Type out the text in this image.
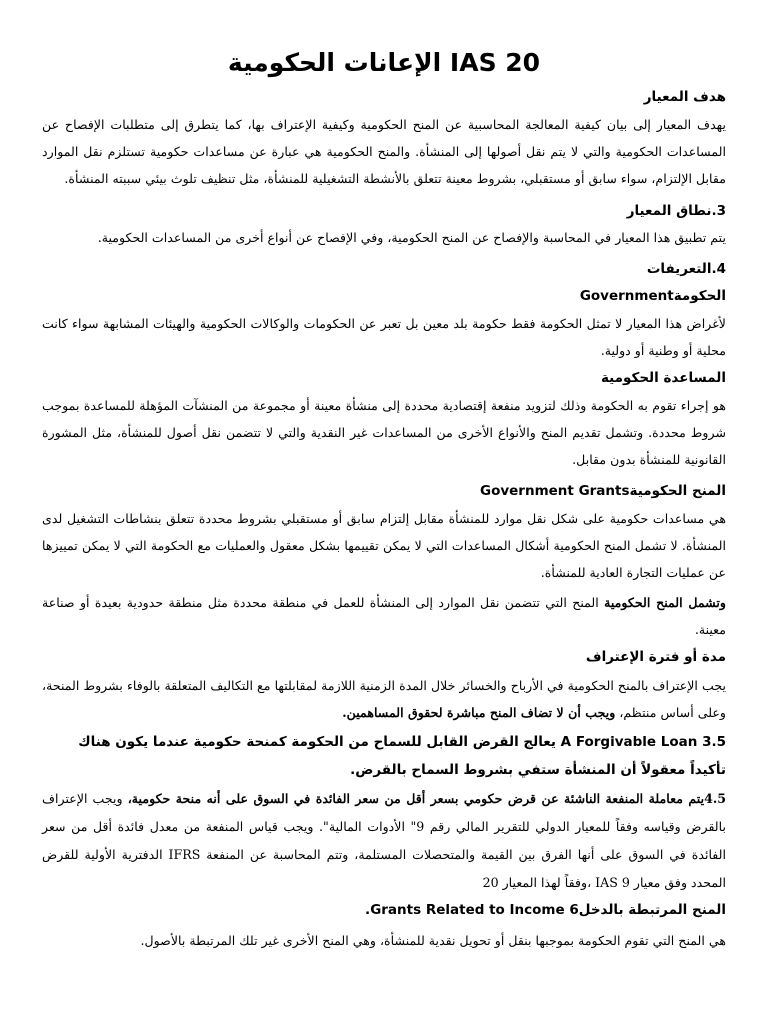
IAS 20 الإعانات الحكومية
هدف المعيار
يهدف المعيار إلى بيان كيفية المعالجة المحاسبية عن المنح الحكومية وكيفية الإعتراف بها، كما يتطرق إلى متطلبات الإفصاح عن المساعدات الحكومية والتي لا يتم نقل أصولها إلى المنشأة. والمنح الحكومية هي عبارة عن مساعدات حكومية تستلزم نقل الموارد مقابل الإلتزام، سواء سابق أو مستقبلي، بشروط معينة تتعلق بالأنشطة التشغيلية للمنشأة، مثل تنظيف تلوث بيئي سببته المنشأة.
3.نطاق المعيار
يتم تطبيق هذا المعيار في المحاسبة والإفصاح عن المنح الحكومية، وفي الإفصاح عن أنواع أخرى من المساعدات الحكومية.
4.التعريفات
الحكومةGovernment
لأغراض هذا المعيار لا تمثل الحكومة فقط حكومة بلد معين بل تعبر عن الحكومات والوكالات الحكومية والهيئات المشابهة سواء كانت محلية أو وطنية أو دولية.
المساعدة الحكومية
هو إجراء تقوم به الحكومة وذلك لتزويد منفعة إقتصادية محددة إلى منشأة معينة أو مجموعة من المنشآت المؤهلة للمساعدة بموجب شروط محددة. وتشمل تقديم المنح والأنواع الأخرى من المساعدات غير النقدية والتي لا تتضمن نقل أصول للمنشأة، مثل المشورة القانونية للمنشأة بدون مقابل.
المنح الحكوميةGovernment Grants
هي مساعدات حكومية على شكل نقل موارد للمنشأة مقابل إلتزام سابق أو مستقبلي بشروط محددة تتعلق بنشاطات التشغيل لدى المنشأة. لا تشمل المنح الحكومية أشكال المساعدات التي لا يمكن تقييمها بشكل معقول والعمليات مع الحكومة التي لا يمكن تمييزها عن عمليات التجارة العادية للمنشأة.
وتشمل المنح الحكومية المنح التي تتضمن نقل الموارد إلى المنشأة للعمل في منطقة محددة مثل منطقة حدودية بعيدة أو صناعة معينة.
مدة أو فترة الإعتراف
يجب الإعتراف بالمنح الحكومية في الأرباح والخسائر خلال المدة الزمنية اللازمة لمقابلتها مع التكاليف المتعلقة بالوفاء بشروط المنحة، وعلى أساس منتظم، ويجب أن لا تضاف المنح مباشرة لحقوق المساهمين.
A Forgivable Loan 3.5 يعالج القرض القابل للسماح من الحكومة كمنحة حكومية عندما يكون هناك تأكيداً معقولاً أن المنشأة ستفي بشروط السماح بالقرض.
4.5يتم معاملة المنفعة الناشئة عن قرض حكومي بسعر أقل من سعر الفائدة في السوق على أنه منحة حكومية، ويجب الإعتراف بالقرض وقياسه وفقاً للمعيار الدولي للتقرير المالي رقم 9" الأدوات المالية". ويجب قياس المنفعة من معدل فائدة أقل من سعر الفائدة في السوق على أنها الفرق بين القيمة والمتحصلات المستلمة، وتتم المحاسبة عن المنفعة IFRS الدفترية الأولية للقرض المحدد وفق معيار IAS 9 ،وفقاً لهذا المعيار 20
المنح المرتبطة بالدخلGrants Related to Income 6.
هي المنح التي تقوم الحكومة بموجبها بنقل أو تحويل نقدية للمنشأة، وهي المنح الأخرى غير تلك المرتبطة بالأصول.
